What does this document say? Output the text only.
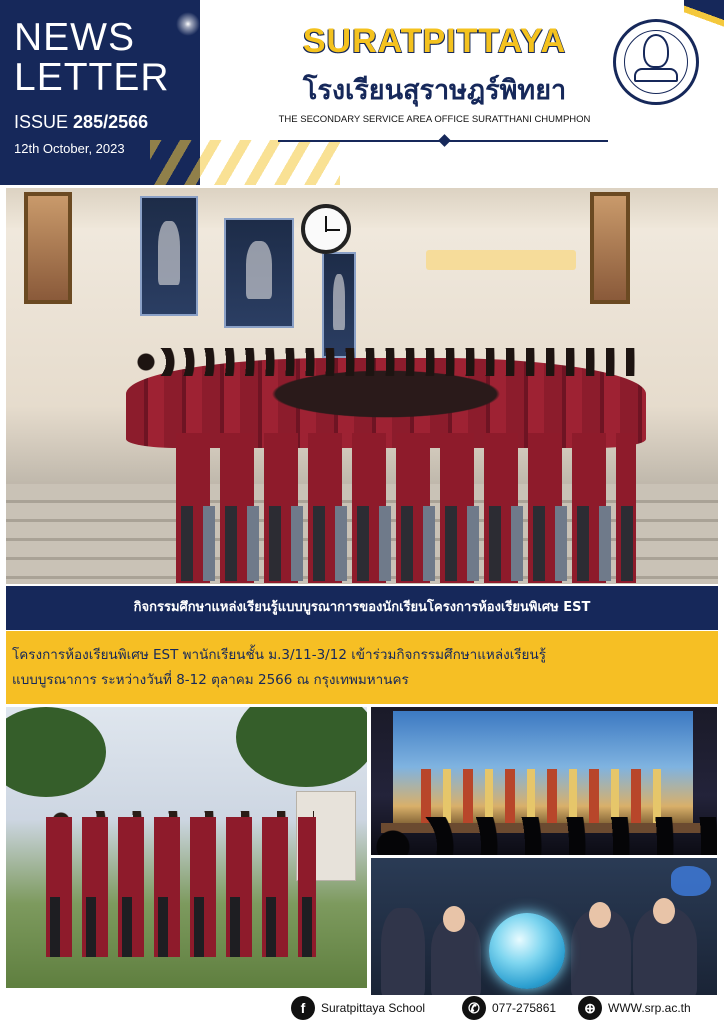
NEWS
LETTER
ISSUE 285/2566
12th October, 2023
SURATPITTAYA
โรงเรียนสุราษฎร์พิทยา
THE SECONDARY SERVICE AREA OFFICE SURATTHANI CHUMPHON
กิจกรรมศึกษาแหล่งเรียนรู้แบบบูรณาการของนักเรียนโครงการห้องเรียนพิเศษ EST
โครงการห้องเรียนพิเศษ EST พานักเรียนชั้น ม.3/11-3/12 เข้าร่วมกิจกรรมศึกษาแหล่งเรียนรู้
แบบบูรณาการ ระหว่างวันที่ 8-12 ตุลาคม 2566 ณ กรุงเทพมหานคร
f	Suratpittaya School	✆	077-275861	⊕	WWW.srp.ac.th
